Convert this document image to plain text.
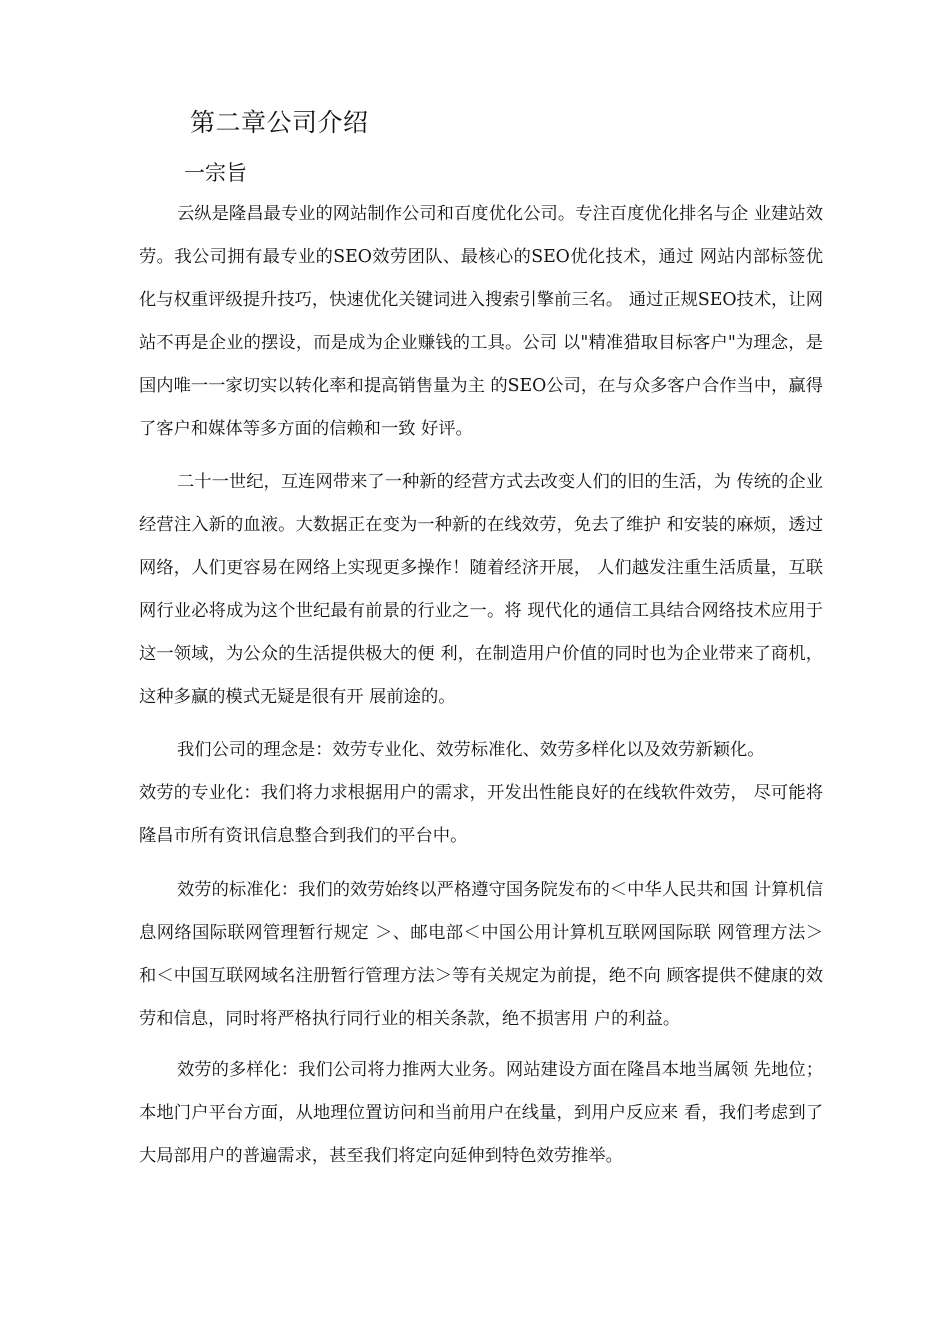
第二章公司介绍
一宗旨

云纵是隆昌最专业的网站制作公司和百度优化公司。专注百度优化排名与企 业建站效劳。我公司拥有最专业的SEO效劳团队、最核心的SEO优化技术，通过 网站内部标签优化与权重评级提升技巧，快速优化关键词进入搜索引擎前三名。 通过正规SEO技术，让网站不再是企业的摆设，而是成为企业赚钱的工具。公司 以"精准猎取目标客户"为理念，是国内唯一一家切实以转化率和提高销售量为主 的SEO公司，在与众多客户合作当中，赢得了客户和媒体等多方面的信赖和一致 好评。

二十一世纪，互连网带来了一种新的经营方式去改变人们的旧的生活，为 传统的企业经营注入新的血液。大数据正在变为一种新的在线效劳，免去了维护 和安装的麻烦，透过网络，人们更容易在网络上实现更多操作！随着经济开展， 人们越发注重生活质量，互联网行业必将成为这个世纪最有前景的行业之一。将 现代化的通信工具结合网络技术应用于这一领域，为公众的生活提供极大的便 利，在制造用户价值的同时也为企业带来了商机，这种多赢的模式无疑是很有开 展前途的。

我们公司的理念是：效劳专业化、效劳标准化、效劳多样化以及效劳新颖化。

效劳的专业化：我们将力求根据用户的需求，开发出性能良好的在线软件效劳， 尽可能将隆昌市所有资讯信息整合到我们的平台中。

效劳的标准化：我们的效劳始终以严格遵守国务院发布的＜中华人民共和国 计算机信息网络国际联网管理暂行规定 ＞、邮电部＜中国公用计算机互联网国际联 网管理方法＞和＜中国互联网域名注册暂行管理方法＞等有关规定为前提，绝不向 顾客提供不健康的效劳和信息，同时将严格执行同行业的相关条款，绝不损害用 户的利益。

效劳的多样化：我们公司将力推两大业务。网站建设方面在隆昌本地当属领 先地位；本地门户平台方面，从地理位置访问和当前用户在线量，到用户反应来 看，我们考虑到了大局部用户的普遍需求，甚至我们将定向延伸到特色效劳推举。
